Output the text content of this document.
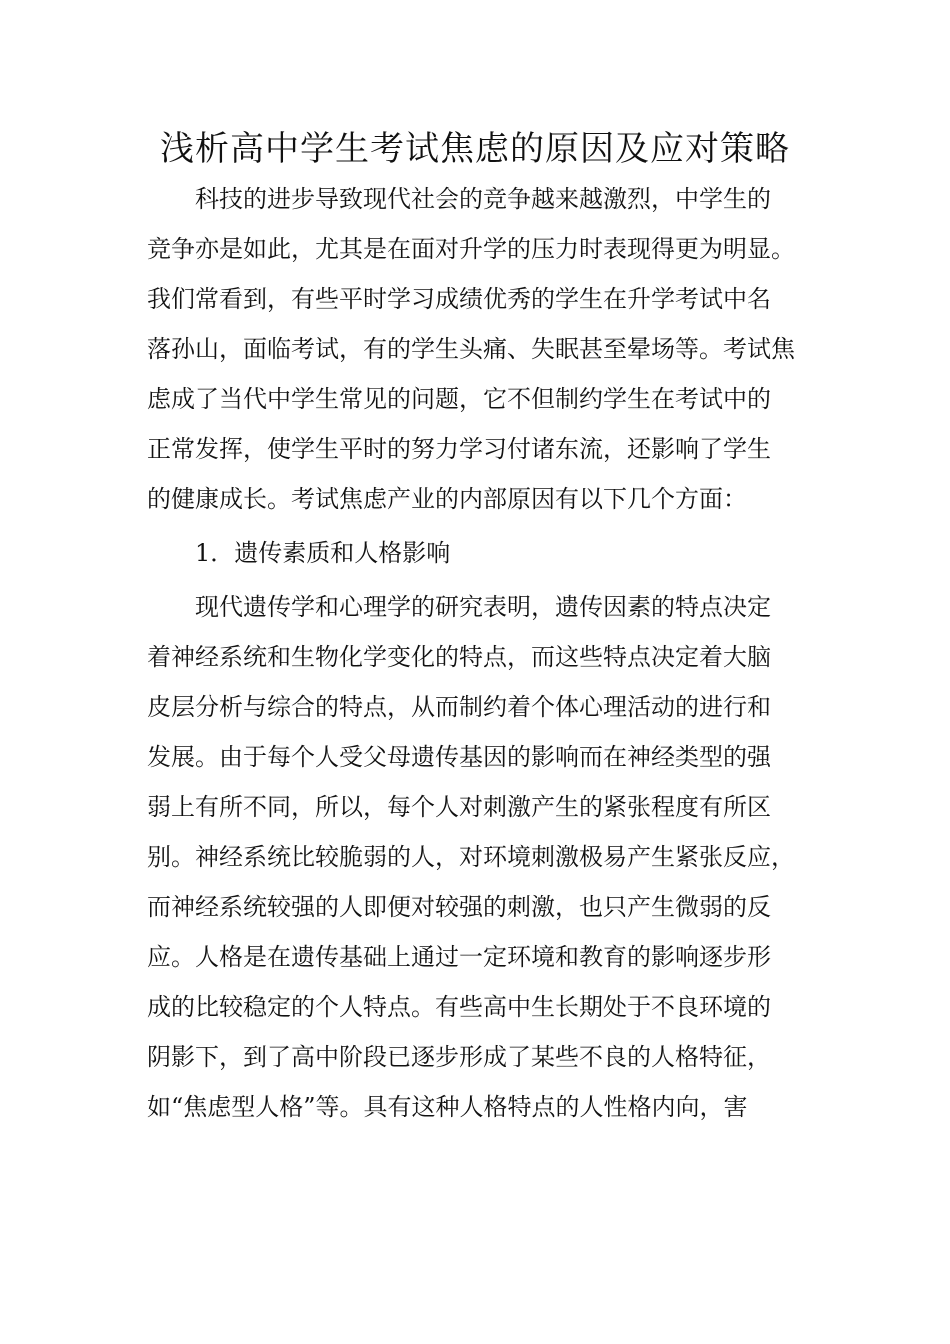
浅析高中学生考试焦虑的原因及应对策略
科技的进步导致现代社会的竞争越来越激烈，中学生的
竞争亦是如此，尤其是在面对升学的压力时表现得更为明显。
我们常看到，有些平时学习成绩优秀的学生在升学考试中名
落孙山，面临考试，有的学生头痛、失眠甚至晕场等。考试焦
虑成了当代中学生常见的问题，它不但制约学生在考试中的
正常发挥，使学生平时的努力学习付诸东流，还影响了学生
的健康成长。考试焦虑产业的内部原因有以下几个方面：
1．遗传素质和人格影响
现代遗传学和心理学的研究表明，遗传因素的特点决定
着神经系统和生物化学变化的特点，而这些特点决定着大脑
皮层分析与综合的特点，从而制约着个体心理活动的进行和
发展。由于每个人受父母遗传基因的影响而在神经类型的强
弱上有所不同，所以，每个人对刺激产生的紧张程度有所区
别。神经系统比较脆弱的人，对环境刺激极易产生紧张反应，
而神经系统较强的人即便对较强的刺激，也只产生微弱的反
应。人格是在遗传基础上通过一定环境和教育的影响逐步形
成的比较稳定的个人特点。有些高中生长期处于不良环境的
阴影下，到了高中阶段已逐步形成了某些不良的人格特征，
如“焦虑型人格”等。具有这种人格特点的人性格内向，害
